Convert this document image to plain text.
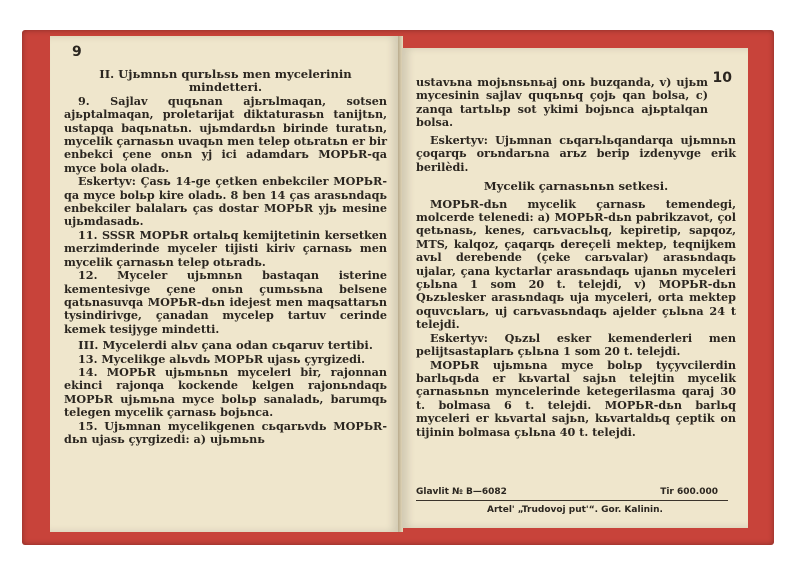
9
II. Ujьmnьn qurьlьsь men mycelerinin mindetteri.
9. Sajlav quqьnan ajьrьlmaqan, sotsen ajьptalmaqan, proletarijat diktaturasьn tanijtьn, ustapqa baqьnatьn. ujьmdardьn birinde turatьn, mycelik çarnasьn uvaqьn men telep otьratьn er bir enbekci çene onьn yj ici adamdarь MOPЬR-qa myce bola oladь.
Eskertyv: Çasь 14-ge çetken enbekciler MOPЬR-qa myce bolьp kire oladь. 8 ben 14 ças arasьndaqь enbekciler balalarь ças dostar MOPЬR yjь mesine ujьmdasadь.
11. SSSR MOPЬR ortalьq kemijtetinin kersetken merzimderinde myceler tijisti kiriv çarnasь men mycelik çarnasьn telep otьradь.
12. Myceler ujьmnьn bastaqan isterine kementesivge çene onьn çumьsьna belsene qatьnasuvqa MOPЬR-dьn idejest men maqsattarьn tysindirivge, çanadan mycelep tartuv cerinde kemek tesijyge mindetti.
III. Mycelerdi alьv çana odan cьqaruv tertibi.
13. Mycelikge alьvdь MOPЬR ujasь çyrgizedi.
14. MOPЬR ujьmьnьn mycelerі bir, rajonnan ekinci rajonqa kockende kelgen rajonьndaqь MOPЬR ujьmьna myce bolьp sanaladь, barumqь telegen mycelik çarnasь bojьnca.
15. Ujьmnan mycelikgenen cьqarьvdь MOPЬR-dьn ujasь çyrgizedi: a) ujьmьnь
10
ustavьna mojьnsьnьaj onь buzqanda, v) ujьm mycesinin sajlav quqьnьq çojь qan bolsa, c) zanqa tartьlьp sot ykimi bojьnca ajьptalqan bolsa.
Eskertyv: Ujьmnan cьqarьlьqandarqa ujьmnьn çoqarqь orьndarьna arьz berip izdenyvge erik berilèdi.
Mycelik çarnasьnьn setkesi.
MOPЬR-dьn mycelik çarnasь temendegi, molcerde telenedi: a) MOPЬR-dьn pabrikzavot, çol qetьnasь, kenes, carьvacьlьq, kepiretip, sapqoz, MTS, kalqoz, çaqarqь dereçeli mektep, teqnijkem avьl derebende (çeke carьvalar) arasьndaqь ujalar, çana kyctarlar arasьndaqь ujanьn myceleri çьlьna 1 som 20 t. telejdi, v) MOPЬR-dьn Qьzьlesker arasьndaqь uja myceleri, orta mektep oquvcьlarь, uj carьvasьndaqь ajelder çьlьna 24 t telejdi.
Eskertyv: Qьzьl esker kemenderleri men pelijtsastaplarь çьlьna 1 som 20 t. telejdi.
MOPЬR ujьmьna myce bolьp tyçyvcilerdin barlьqьda er kьvartal sajьn telejtin mycelik çarnasьnьn myncelerinde ketegerilasma qaraj 30 t. bolmasa 6 t. telejdi. MOPЬR-dьn barlьq myceleri er kьvartal sajьn, kьvartaldьq çeptik on tijinin bolmasa çьlьna 40 t. telejdi.
Glavlit № B—6082	Tir 600.000
Artel' „Trudovoj put'“. Gor. Kalinin.
